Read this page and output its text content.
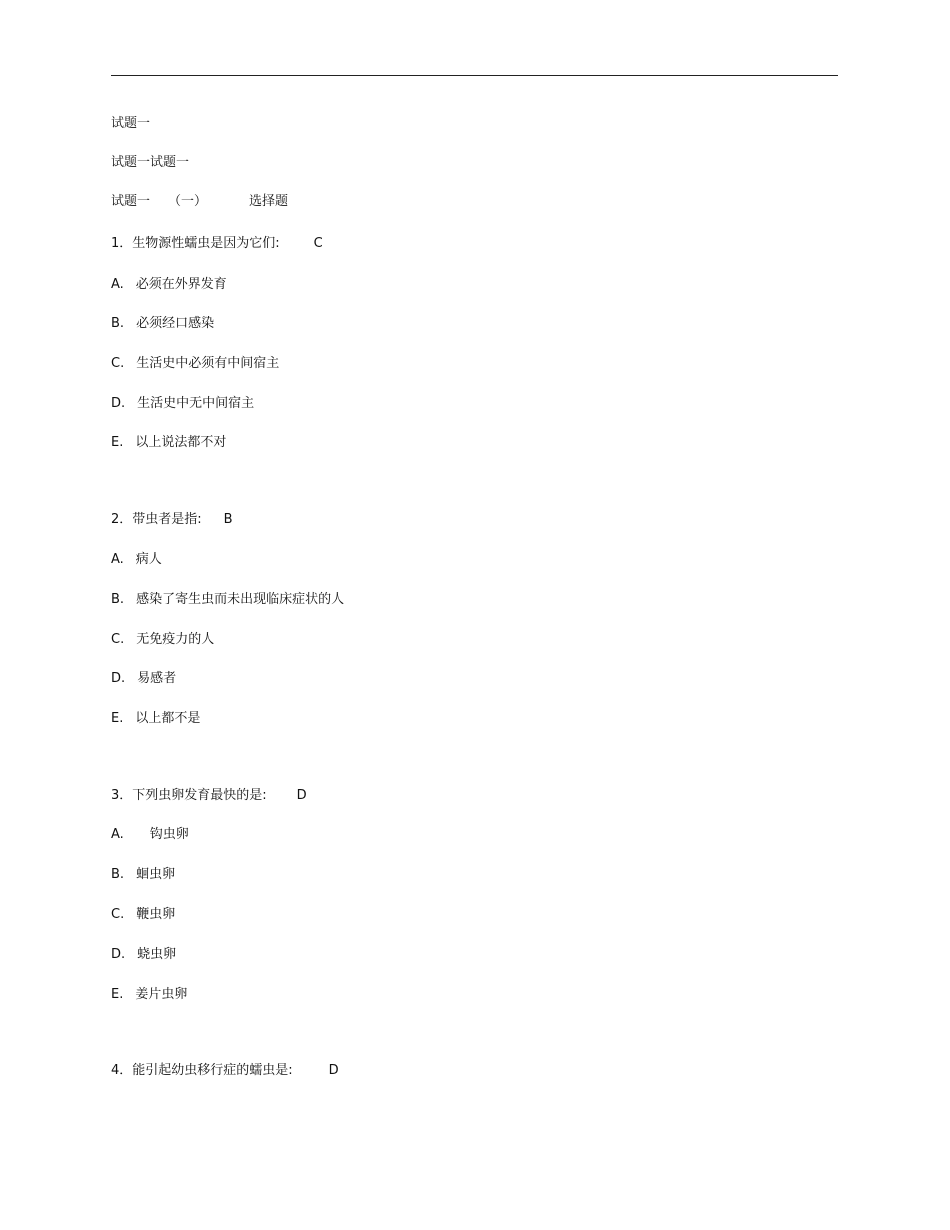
试题一
试题一试题一
试题一 （一）	选择题
1．生物源性蠕虫是因为它们:	C
A. 必须在外界发育
B. 必须经口感染
C. 生活史中必须有中间宿主
D. 生活史中无中间宿主
E. 以上说法都不对
2．带虫者是指: B
A. 病人
B. 感染了寄生虫而未出现临床症状的人
C. 无免疫力的人
D. 易感者
E. 以上都不是
3．下列虫卵发育最快的是: D
A. 钩虫卵
B. 蛔虫卵
C. 鞭虫卵
D. 蛲虫卵
E. 姜片虫卵
4．能引起幼虫移行症的蠕虫是:	D
